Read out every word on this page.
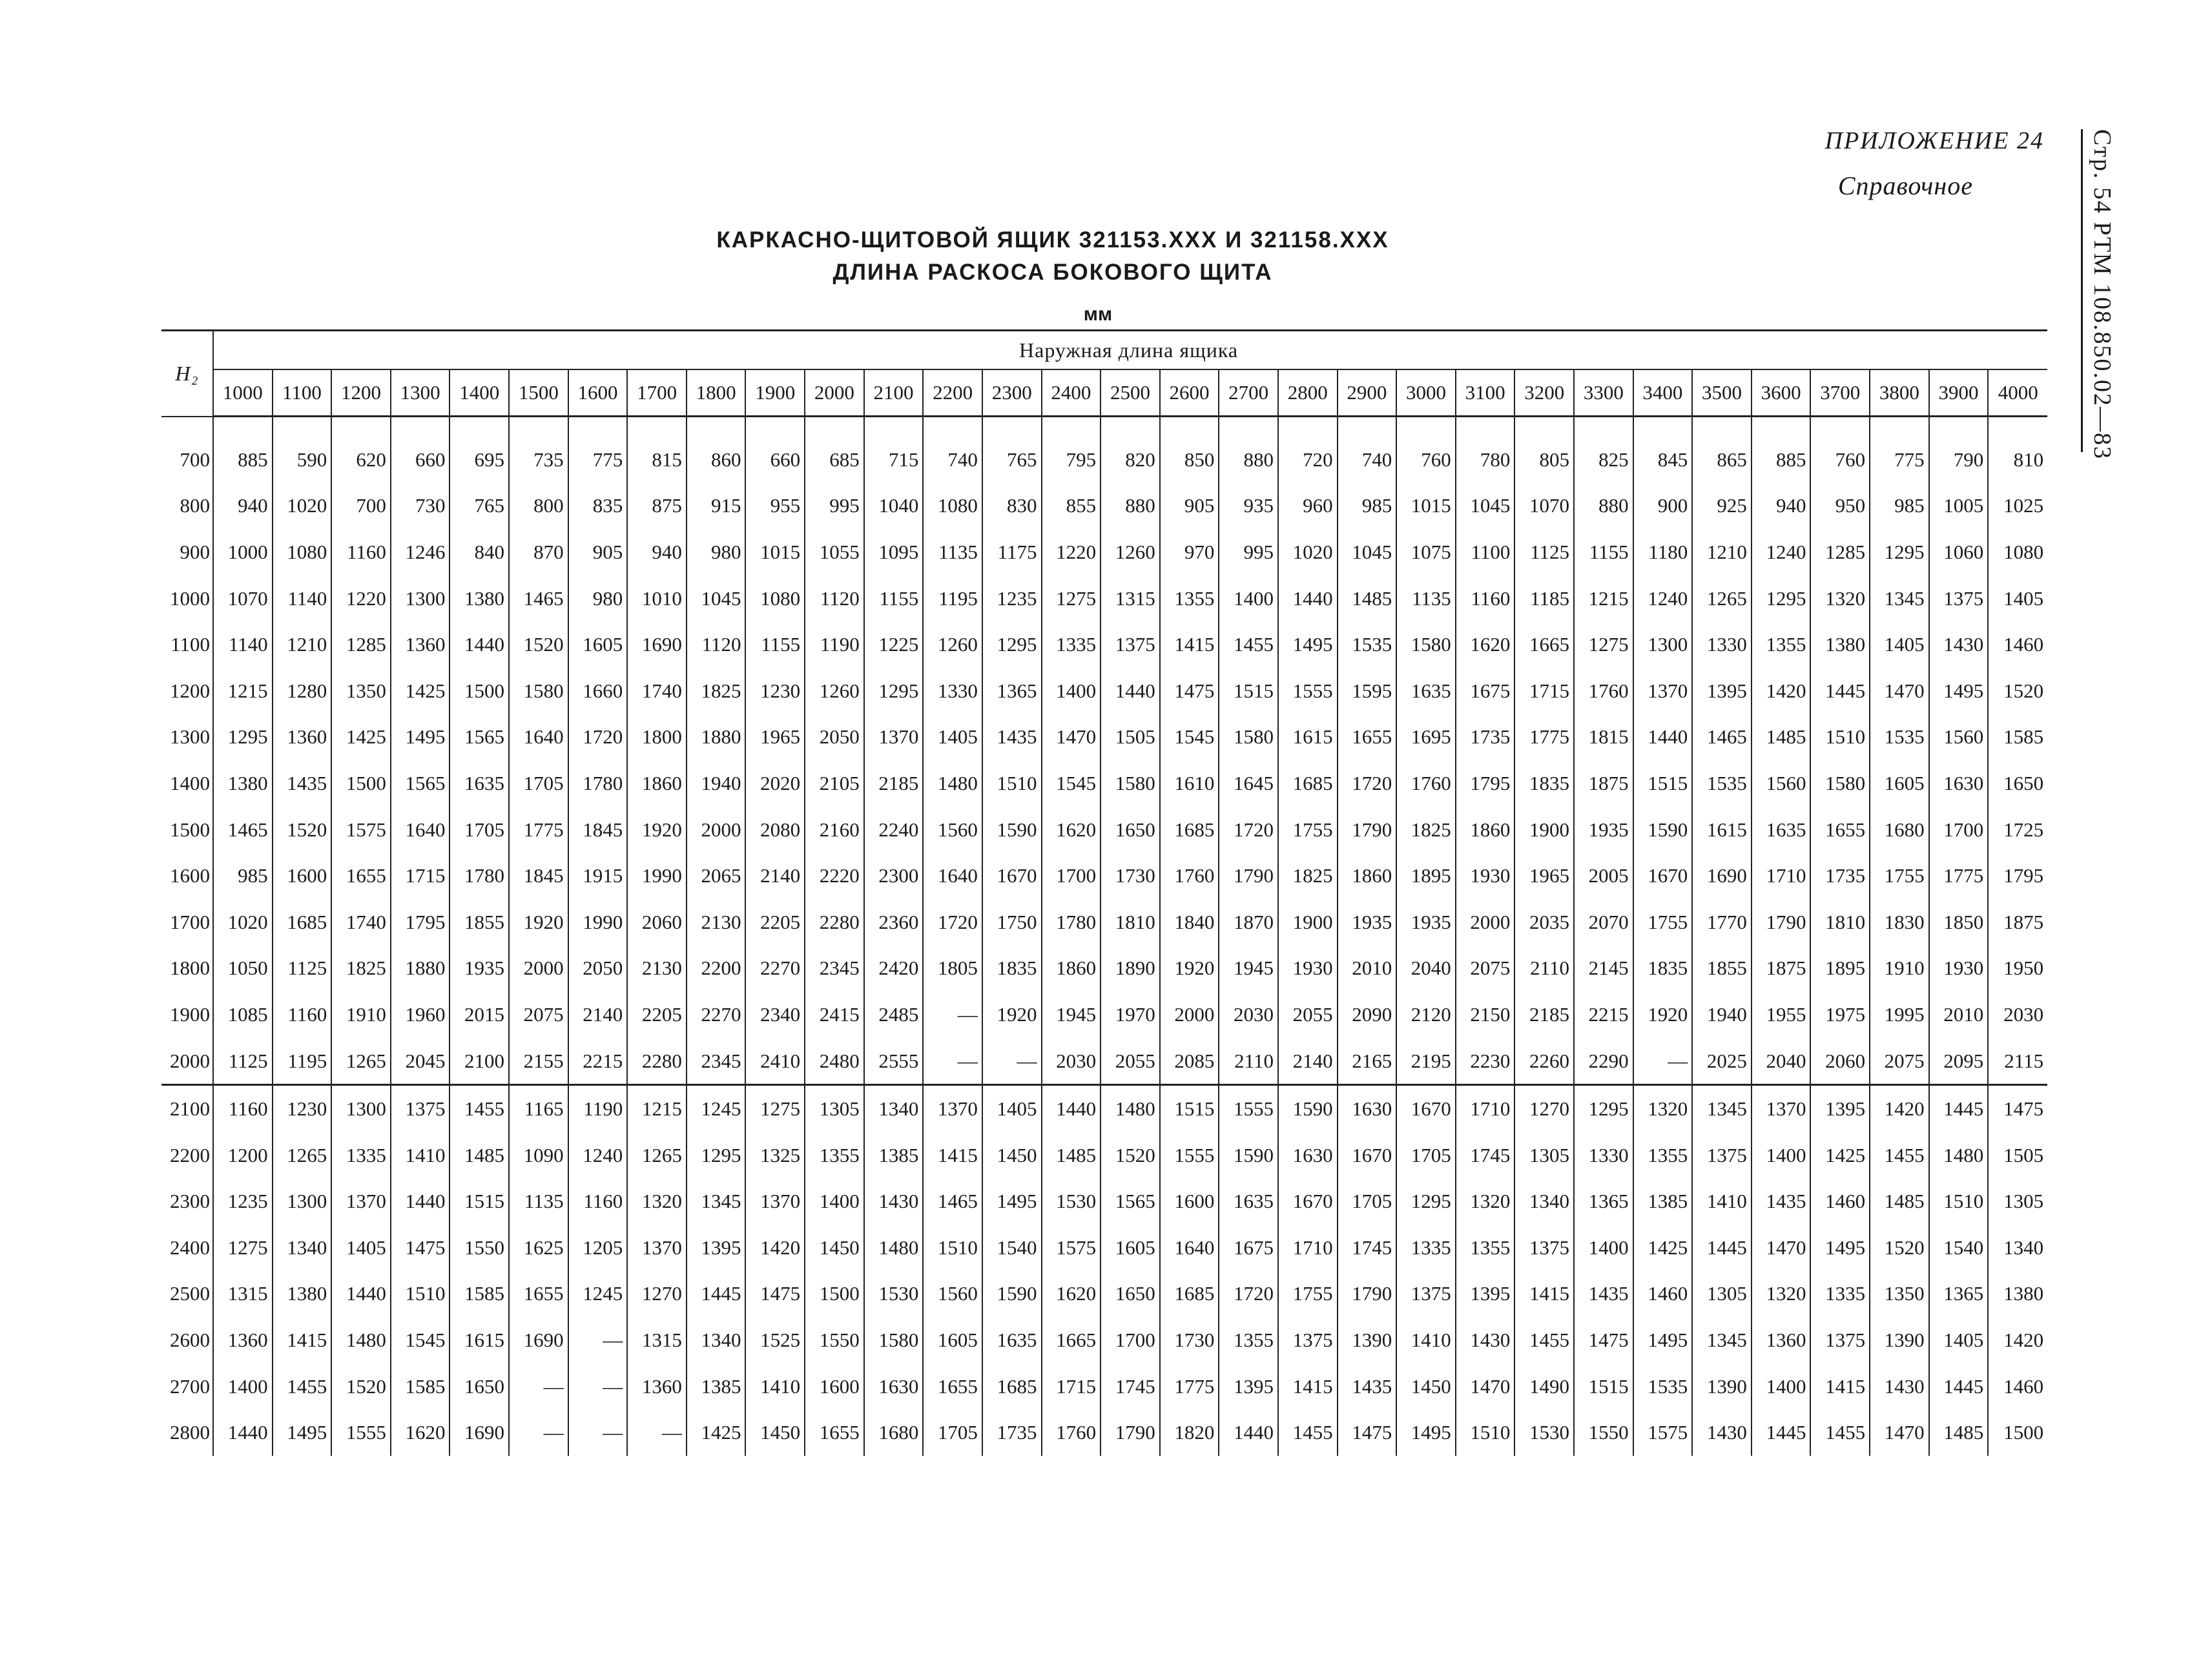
ПРИЛОЖЕНИЕ 24
Справочное	Стр. 54 РТМ 108.850.02—83
КАРКАСНО-ЩИТОВОЙ ЯЩИК 321153.XXX И 321158.XXX
ДЛИНА РАСКОСА БОКОВОГО ЩИТА
мм
H₂	Наружная длина ящика																														
	1000	1100	1200	1300	1400	1500	1600	1700	1800	1900	2000	2100	2200	2300	2400	2500	2600	2700	2800	2900	3000	3100	3200	3300	3400	3500	3600	3700	3800	3900	4000

700	885	590	620	660	695	735	775	815	860	660	685	715	740	765	795	820	850	880	720	740	760	780	805	825	845	865	885	760	775	790	810
800	940	1020	700	730	765	800	835	875	915	955	995	1040	1080	830	855	880	905	935	960	985	1015	1045	1070	880	900	925	940	950	985	1005	1025
900	1000	1080	1160	1246	840	870	905	940	980	1015	1055	1095	1135	1175	1220	1260	970	995	1020	1045	1075	1100	1125	1155	1180	1210	1240	1285	1295	1060	1080
1000	1070	1140	1220	1300	1380	1465	980	1010	1045	1080	1120	1155	1195	1235	1275	1315	1355	1400	1440	1485	1135	1160	1185	1215	1240	1265	1295	1320	1345	1375	1405
1100	1140	1210	1285	1360	1440	1520	1605	1690	1120	1155	1190	1225	1260	1295	1335	1375	1415	1455	1495	1535	1580	1620	1665	1275	1300	1330	1355	1380	1405	1430	1460
1200	1215	1280	1350	1425	1500	1580	1660	1740	1825	1230	1260	1295	1330	1365	1400	1440	1475	1515	1555	1595	1635	1675	1715	1760	1370	1395	1420	1445	1470	1495	1520
1300	1295	1360	1425	1495	1565	1640	1720	1800	1880	1965	2050	1370	1405	1435	1470	1505	1545	1580	1615	1655	1695	1735	1775	1815	1440	1465	1485	1510	1535	1560	1585
1400	1380	1435	1500	1565	1635	1705	1780	1860	1940	2020	2105	2185	1480	1510	1545	1580	1610	1645	1685	1720	1760	1795	1835	1875	1515	1535	1560	1580	1605	1630	1650
1500	1465	1520	1575	1640	1705	1775	1845	1920	2000	2080	2160	2240	1560	1590	1620	1650	1685	1720	1755	1790	1825	1860	1900	1935	1590	1615	1635	1655	1680	1700	1725
1600	985	1600	1655	1715	1780	1845	1915	1990	2065	2140	2220	2300	1640	1670	1700	1730	1760	1790	1825	1860	1895	1930	1965	2005	1670	1690	1710	1735	1755	1775	1795
1700	1020	1685	1740	1795	1855	1920	1990	2060	2130	2205	2280	2360	1720	1750	1780	1810	1840	1870	1900	1935	1935	2000	2035	2070	1755	1770	1790	1810	1830	1850	1875
1800	1050	1125	1825	1880	1935	2000	2050	2130	2200	2270	2345	2420	1805	1835	1860	1890	1920	1945	1930	2010	2040	2075	2110	2145	1835	1855	1875	1895	1910	1930	1950
1900	1085	1160	1910	1960	2015	2075	2140	2205	2270	2340	2415	2485	—	1920	1945	1970	2000	2030	2055	2090	2120	2150	2185	2215	1920	1940	1955	1975	1995	2010	2030
2000	1125	1195	1265	2045	2100	2155	2215	2280	2345	2410	2480	2555	—	—	2030	2055	2085	2110	2140	2165	2195	2230	2260	2290	—	2025	2040	2060	2075	2095	2115
2100	1160	1230	1300	1375	1455	1165	1190	1215	1245	1275	1305	1340	1370	1405	1440	1480	1515	1555	1590	1630	1670	1710	1270	1295	1320	1345	1370	1395	1420	1445	1475
2200	1200	1265	1335	1410	1485	1090	1240	1265	1295	1325	1355	1385	1415	1450	1485	1520	1555	1590	1630	1670	1705	1745	1305	1330	1355	1375	1400	1425	1455	1480	1505
2300	1235	1300	1370	1440	1515	1135	1160	1320	1345	1370	1400	1430	1465	1495	1530	1565	1600	1635	1670	1705	1295	1320	1340	1365	1385	1410	1435	1460	1485	1510	1305
2400	1275	1340	1405	1475	1550	1625	1205	1370	1395	1420	1450	1480	1510	1540	1575	1605	1640	1675	1710	1745	1335	1355	1375	1400	1425	1445	1470	1495	1520	1540	1340
2500	1315	1380	1440	1510	1585	1655	1245	1270	1445	1475	1500	1530	1560	1590	1620	1650	1685	1720	1755	1790	1375	1395	1415	1435	1460	1305	1320	1335	1350	1365	1380
2600	1360	1415	1480	1545	1615	1690	—	1315	1340	1525	1550	1580	1605	1635	1665	1700	1730	1355	1375	1390	1410	1430	1455	1475	1495	1345	1360	1375	1390	1405	1420
2700	1400	1455	1520	1585	1650	—	—	1360	1385	1410	1600	1630	1655	1685	1715	1745	1775	1395	1415	1435	1450	1470	1490	1515	1535	1390	1400	1415	1430	1445	1460
2800	1440	1495	1555	1620	1690	—	—	—	1425	1450	1655	1680	1705	1735	1760	1790	1820	1440	1455	1475	1495	1510	1530	1550	1575	1430	1445	1455	1470	1485	1500
